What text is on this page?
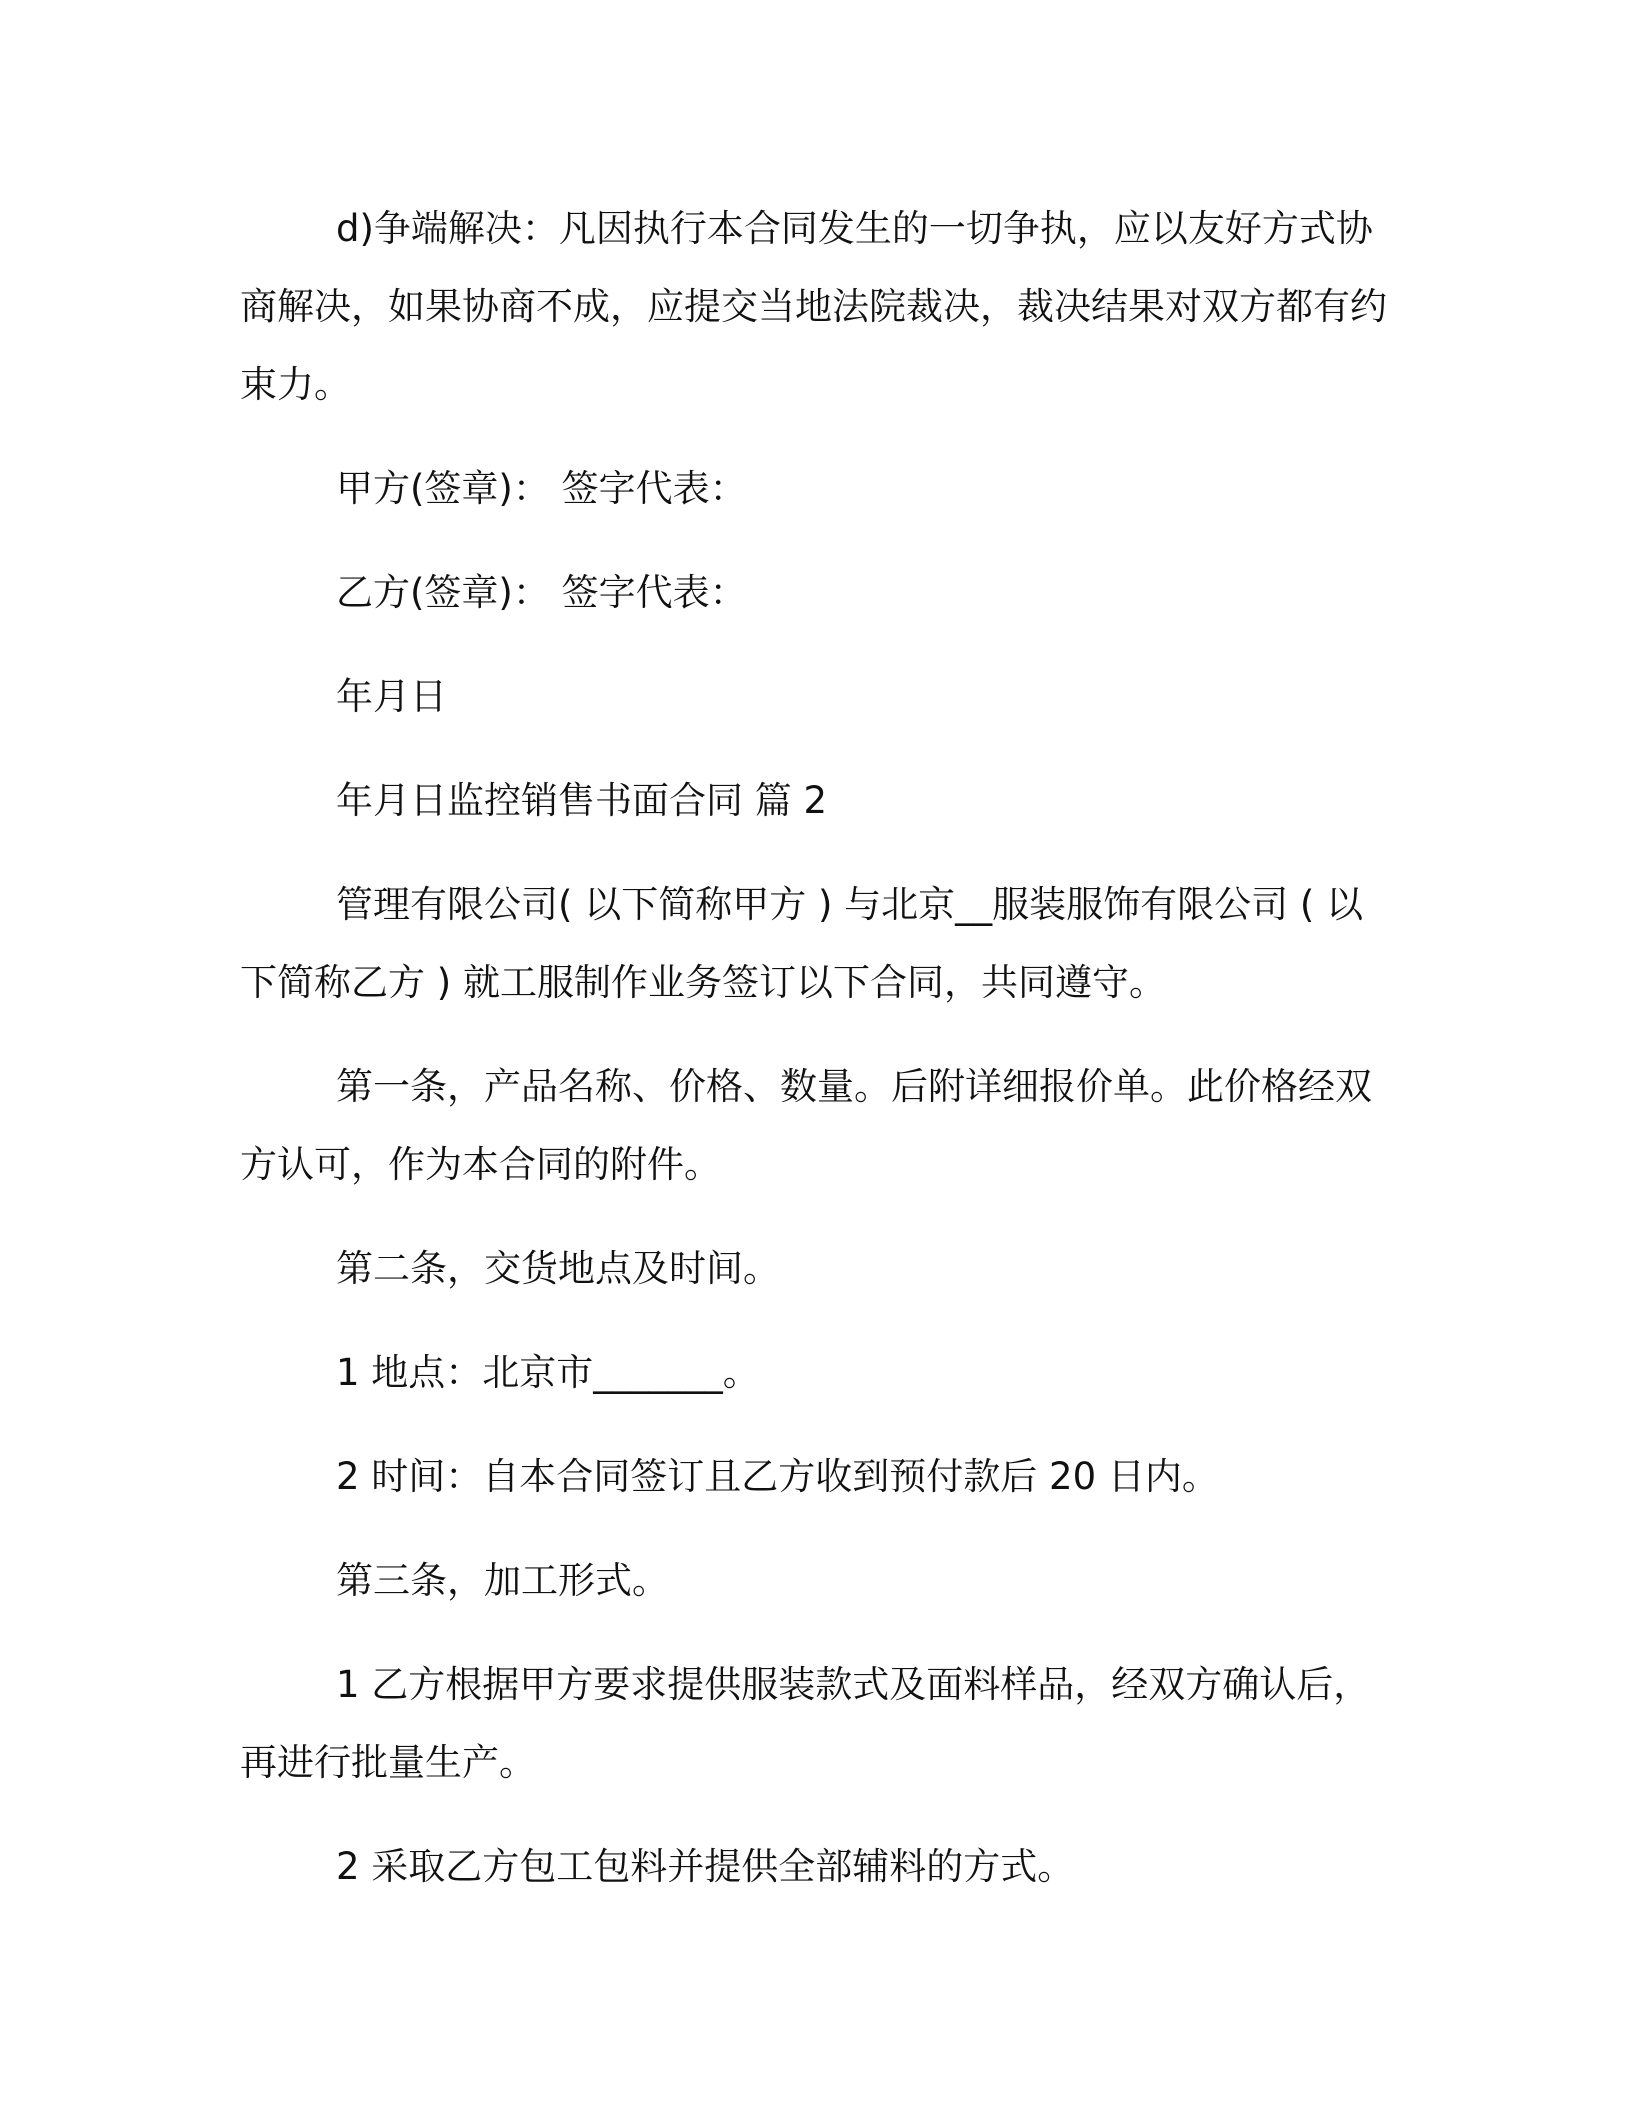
d)争端解决：凡因执行本合同发生的一切争执，应以友好方式协商解决，如果协商不成，应提交当地法院裁决，裁决结果对双方都有约束力。

甲方(签章)： 签字代表：

乙方(签章)： 签字代表：

年月日

年月日监控销售书面合同 篇 2

管理有限公司( 以下简称甲方 ) 与北京__服装服饰有限公司 ( 以下简称乙方 ) 就工服制作业务签订以下合同，共同遵守。

第一条，产品名称、价格、数量。后附详细报价单。此价格经双方认可，作为本合同的附件。

第二条，交货地点及时间。

1 地点：北京市_______。

2 时间：自本合同签订且乙方收到预付款后 20 日内。

第三条，加工形式。

1 乙方根据甲方要求提供服装款式及面料样品，经双方确认后，再进行批量生产。

2 采取乙方包工包料并提供全部辅料的方式。
